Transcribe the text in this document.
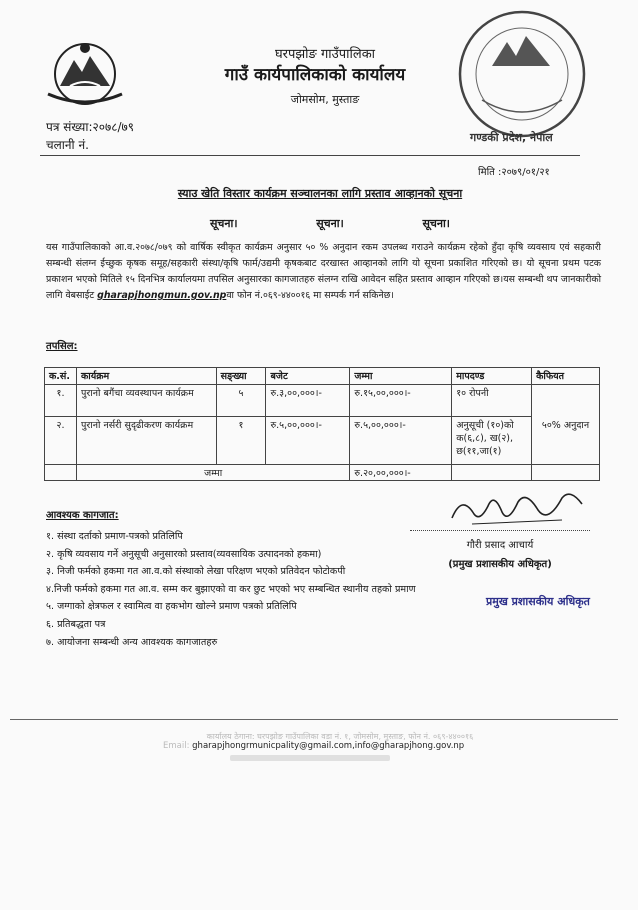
घरपझोङ गाउँपालिका
गाउँ कार्यपालिकाको कार्यालय
जोमसोम, मुस्ताङ
पत्र संख्या:२०७८/७९
चलानी नं.
गण्डकी प्रदेश, नेपाल
मिति :२०७९/०१/२१
स्याउ खेति विस्तार कार्यक्रम सञ्चालनका लागि प्रस्ताव आव्हानको सूचना
सूचना।	सूचना।	सूचना।
यस गाउँपालिकाको आ.व.२०७८/०७९ को वार्षिक स्वीकृत कार्यक्रम अनुसार ५० % अनुदान रकम उपलब्ध गराउने कार्यक्रम रहेको हुँदा कृषि व्यवसाय एवं सहकारी सम्बन्धी संलग्न ईच्छुक कृषक समूह/सहकारी संस्था/कृषि फार्म/उद्यमी कृषकबाट दरखास्त आव्हानको लागि यो सूचना प्रकाशित गरिएको छ। यो सूचना प्रथम पटक प्रकाशन भएको मितिले १५ दिनभित्र कार्यालयमा तपसिल अनुसारका कागजातहरु संलग्न राखि आवेदन सहित प्रस्ताव आव्हान गरिएको छ।यस सम्बन्धी थप जानकारीको लागि वेबसाईट gharapjhongmun.gov.npवा फोन नं.०६९-४४००१६ मा सम्पर्क गर्न सकिनेछ।
तपसिल:
क.सं.	कार्यक्रम	सङ्ख्या	बजेट	जम्मा	मापदण्ड	कैफियत
१.	पुरानो बगैंचा व्यवस्थापन कार्यक्रम	५	रु.३,००,०००।-	रु.१५,००,०००।-	१० रोपनी	५०% अनुदान
२.	पुरानो नर्सरी सुदृढीकरण कार्यक्रम	१	रु.५,००,०००।-	रु.५,००,०००।-	अनुसूची (१०)को क(६,८), ख(२), छ(११,जा(१)	
	जम्मा			रु.२०,००,०००।-		
आवश्यक कागजात:
गौरी प्रसाद आचार्य
(प्रमुख प्रशासकीय अधिकृत)
१. संस्था दर्ताको प्रमाण-पत्रको प्रतिलिपि
२. कृषि व्यवसाय गर्ने अनुसूची अनुसारको प्रस्ताव(व्यवसायिक उत्पादनको हकमा)
३. निजी फर्मको हकमा गत आ.व.को संस्थाको लेखा परिक्षण भएको प्रतिवेदन फोटोकपी
४.निजी फर्मको हकमा गत आ.व. सम्म कर बुझाएको वा कर छुट भएको भए सम्बन्धित स्थानीय तहको प्रमाण
५. जग्गाको क्षेत्रफल र स्वामित्व वा हकभोग खोल्ने प्रमाण पत्रको प्रतिलिपि
६. प्रतिबद्धता पत्र
७. आयोजना सम्बन्धी अन्य आवश्यक कागजातहरु
प्रमुख प्रशासकीय अधिकृत
कार्यालय ठेगाना: घरपझोङ गाउँपालिका वडा नं. १, जोमसोम, मुस्ताङ, फोन नं. ०६९-४४००१६
Email: gharapjhongrmunicpality@gmail.com,info@gharapjhong.gov.np
